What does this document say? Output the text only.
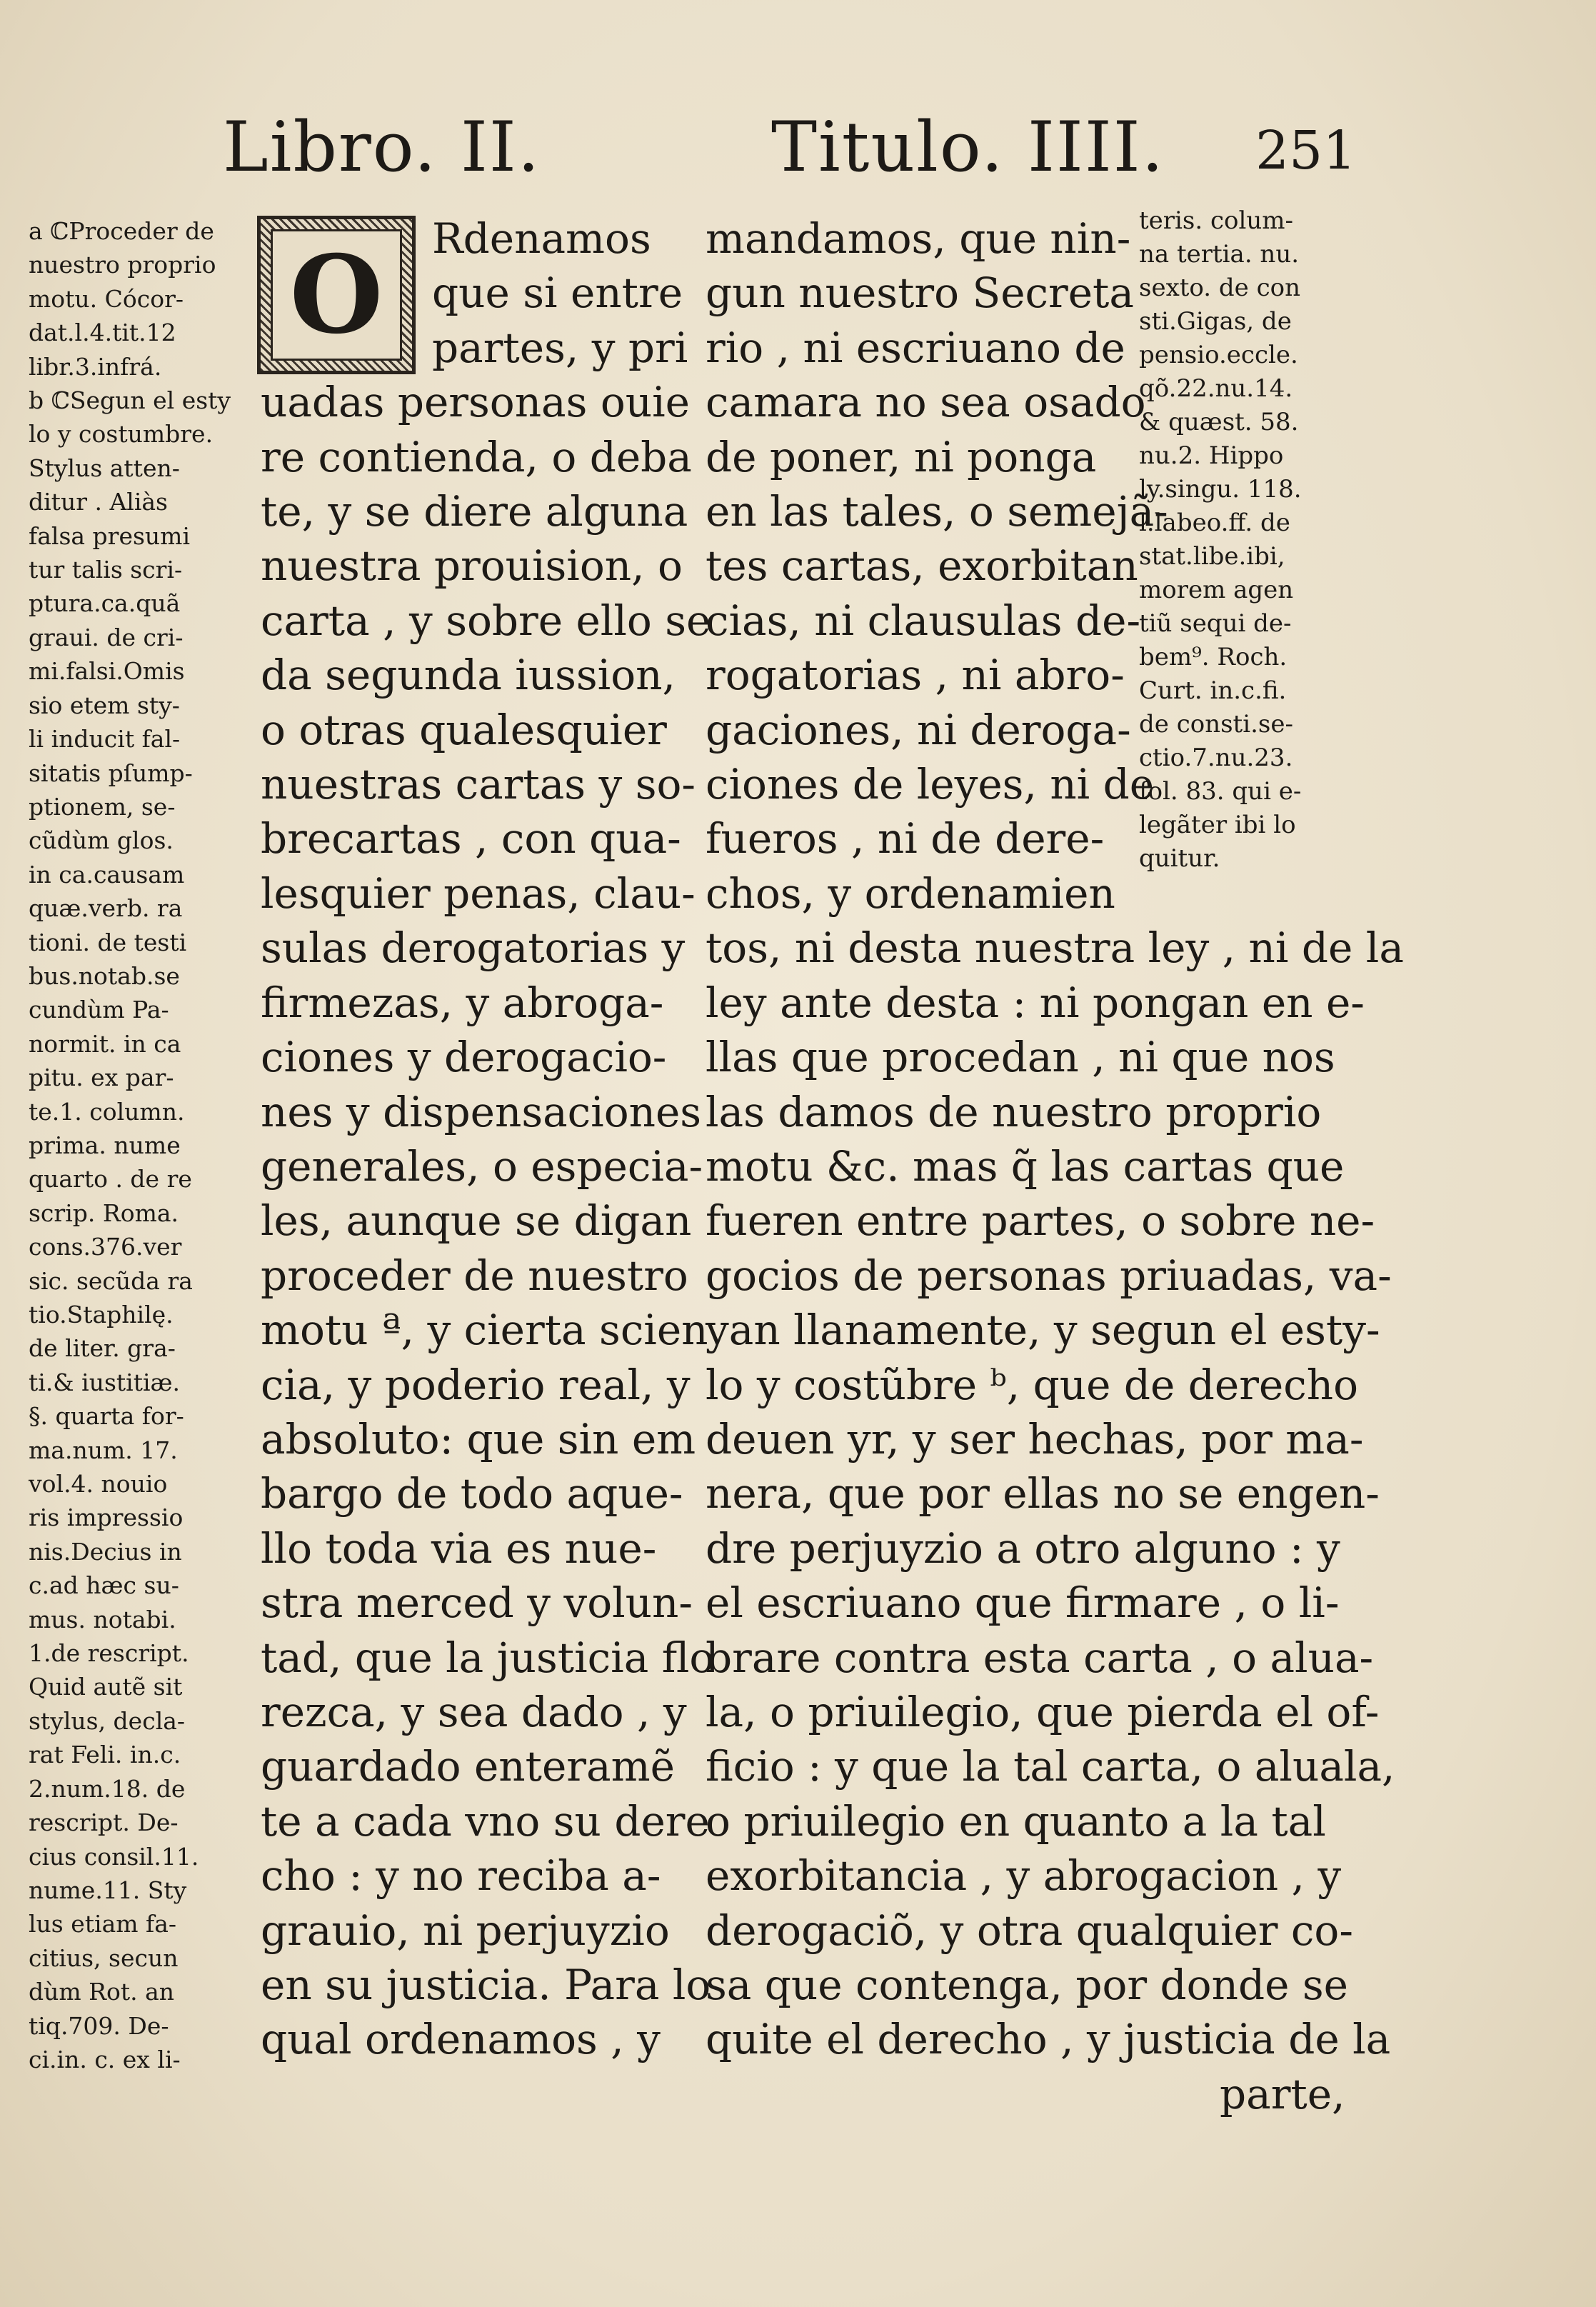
Libro. II.	Titulo. IIII. 251
a ℂProceder de
nuestro proprio
motu. Cócor-
dat.l.4.tit.12
libr.3.infrá.
b ℂSegun el esty
lo y costumbre.
Stylus atten-
ditur . Aliàs
falsa presumi
tur talis scri-
ptura.ca.quã
graui. de cri-
mi.falsi.Omis
sio etem sty-
li inducit fal-
sitatis pſump-
ptionem, se-
cũdùm glos.
in ca.causam
quæ.verb. ra
tioni. de testi
bus.notab.se
cundùm Pa-
normit. in ca
pitu. ex par-
te.1. column.
prima. nume
quarto . de re
scrip. Roma.
cons.376.ver
sic. secũda ra
tio.Staphilę.
de liter. gra-
ti.& iustitiæ.
§. quarta for-
ma.num. 17.
vol.4. nouio
ris impressio
nis.Decius in
c.ad hæc su-
mus. notabi.
1.de rescript.
Quid autẽ sit
stylus, decla-
rat Feli. in.c.
2.num.18. de
rescript. De-
cius consil.11.
nume.11. Sty
lus etiam fa-
citius, secun
dùm Rot. an
tiq.709. De-
ci.in. c. ex li-
teris. colum-
na tertia. nu.
sexto. de con
sti.Gigas, de
pensio.eccle.
qõ.22.nu.14.
& quæst. 58.
nu.2. Hippo
ly.singu. 118.
l.labeo.ff. de
stat.libe.ibi,
morem agen
tiũ sequi de-
bem⁹. Roch.
Curt. in.c.fi.
de consti.se-
ctio.7.nu.23.
fol. 83. qui e-
legãter ibi lo
quitur.
O	Rdenamos
que si entre
partes, y pri
uadas personas ouie
re contienda, o deba
te, y se diere alguna
nuestra prouision, o
carta , y sobre ello se
da segunda iussion,
o otras qualesquier
nuestras cartas y so-
brecartas , con qua-
lesquier penas, clau-
sulas derogatorias y
firmezas, y abroga-
ciones y derogacio-
nes y dispensaciones
generales, o especia-
les, aunque se digan
proceder de nuestro
motu ª, y cierta scien
cia, y poderio real, y
absoluto: que sin em
bargo de todo aque-
llo toda via es nue-
stra merced y volun-
tad, que la justicia flo
rezca, y sea dado , y
guardado enteramẽ
te a cada vno su dere
cho : y no reciba a-
grauio, ni perjuyzio
en su justicia. Para lo
qual ordenamos , y
mandamos, que nin-
gun nuestro Secreta
rio , ni escriuano de
camara no sea osado
de poner, ni ponga
en las tales, o semejã-
tes cartas, exorbitan
cias, ni clausulas de-
rogatorias , ni abro-
gaciones, ni deroga-
ciones de leyes, ni de
fueros , ni de dere-
chos, y ordenamien
tos, ni desta nuestra ley , ni de la
ley ante desta : ni pongan en e-
llas que procedan , ni que nos
las damos de nuestro proprio
motu &c. mas q̃ las cartas que
fueren entre partes, o sobre ne-
gocios de personas priuadas, va-
yan llanamente, y segun el esty-
lo y costũbre ᵇ, que de derecho
deuen yr, y ser hechas, por ma-
nera, que por ellas no se engen-
dre perjuyzio a otro alguno : y
el escriuano que firmare , o li-
brare contra esta carta , o alua-
la, o priuilegio, que pierda el of-
ficio : y que la tal carta, o aluala,
o priuilegio en quanto a la tal
exorbitancia , y abrogacion , y
derogaciõ, y otra qualquier co-
sa que contenga, por donde se
quite el derecho , y justicia de la
parte,
